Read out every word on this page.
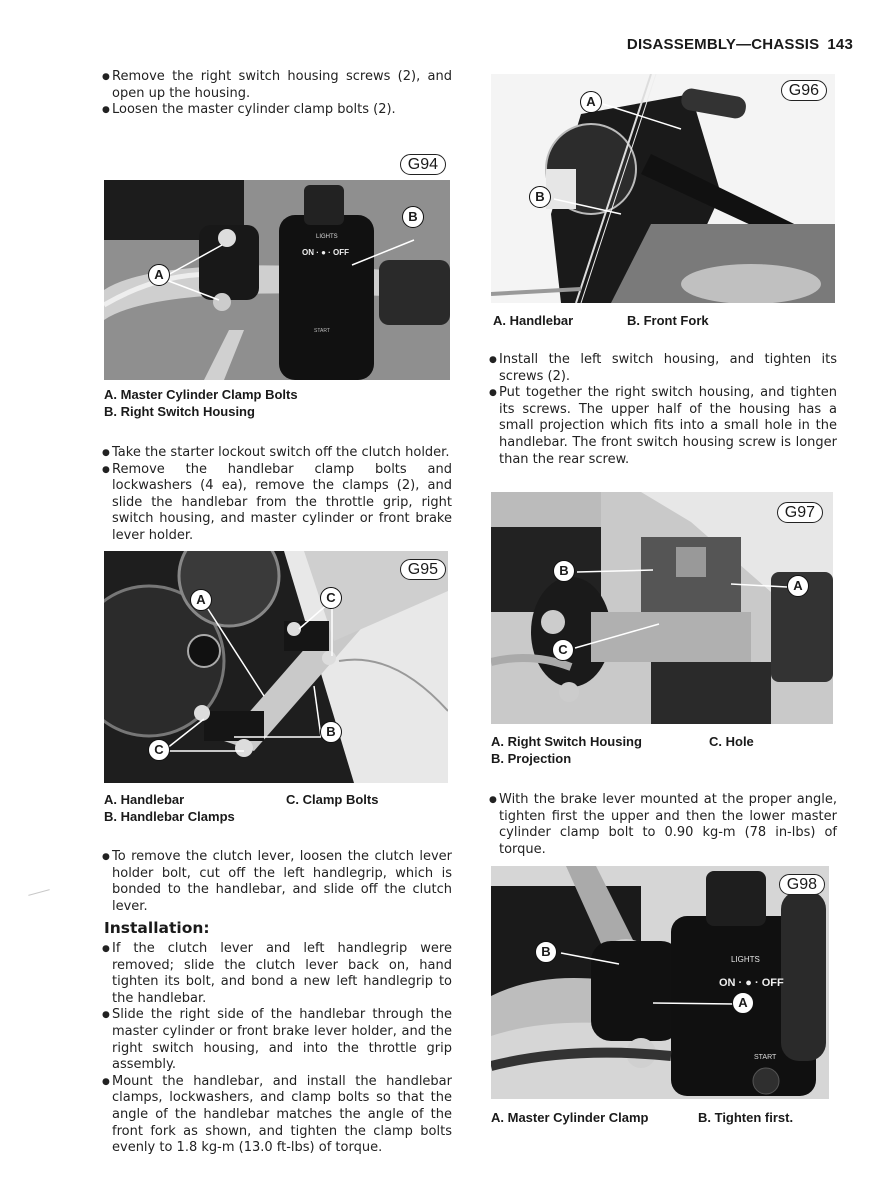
DISASSEMBLY—CHASSIS 143
● Remove the right switch housing screws (2), and open up the housing.
● Loosen the master cylinder clamp bolts (2).
G94
LIGHTS
ON · ● · OFF
START
A
B
A. Master Cylinder Clamp Bolts
B. Right Switch Housing
● Take the starter lockout switch off the clutch holder.
● Remove the handlebar clamp bolts and lockwashers (4 ea), remove the clamps (2), and slide the handlebar from the throttle grip, right switch housing, and master cylinder or front brake lever holder.
G95
A	C
B
C
A. Handlebar
B. Handlebar Clamps
C. Clamp Bolts
● To remove the clutch lever, loosen the clutch lever holder bolt, cut off the left handlegrip, which is bonded to the handlebar, and slide off the clutch lever.
Installation:
● If the clutch lever and left handlegrip were removed; slide the clutch lever back on, hand tighten its bolt, and bond a new left handlegrip to the handlebar.
● Slide the right side of the handlebar through the master cylinder or front brake lever holder, and the right switch housing, and into the throttle grip assembly.
● Mount the handlebar, and install the handlebar clamps, lockwashers, and clamp bolts so that the angle of the handlebar matches the angle of the front fork as shown, and tighten the clamp bolts evenly to 1.8 kg-m (13.0 ft-lbs) of torque.
G96
A
B
A. Handlebar	B. Front Fork
● Install the left switch housing, and tighten its screws (2).
● Put together the right switch housing, and tighten its screws. The upper half of the housing has a small projection which fits into a small hole in the handlebar. The front switch housing screw is longer than the rear screw.
G97
B
A
C
A. Right Switch Housing
B. Projection
C. Hole
● With the brake lever mounted at the proper angle, tighten first the upper and then the lower master cylinder clamp bolt to 0.90 kg-m (78 in-lbs) of torque.
LIGHTS
ON · ● · OFF
START
G98
B
A
A. Master Cylinder Clamp	B. Tighten first.
